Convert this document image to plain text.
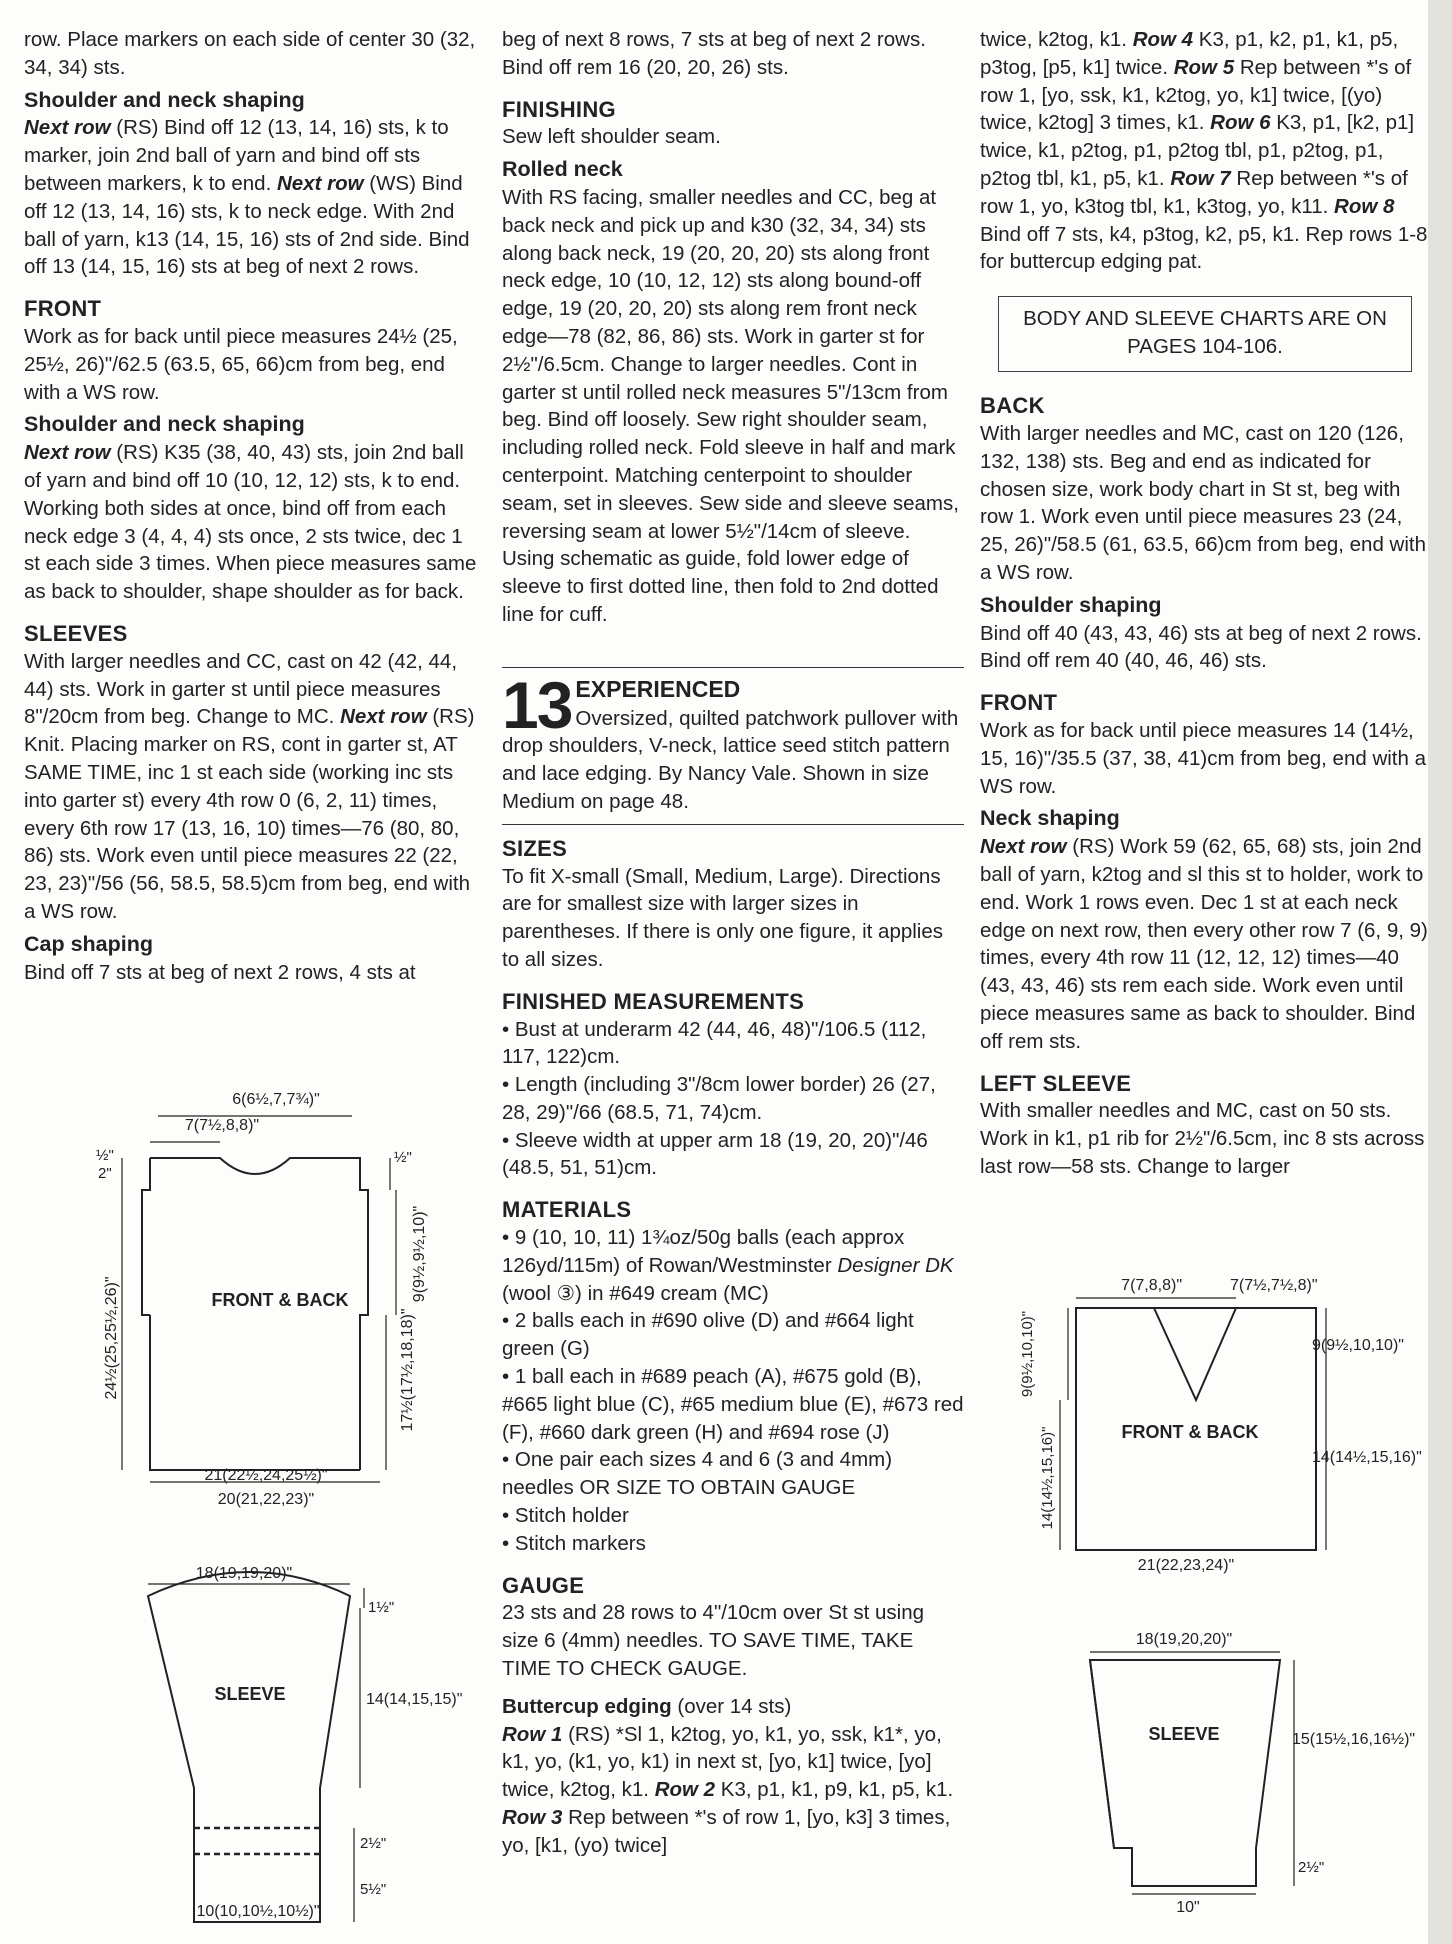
row. Place markers on each side of center 30 (32, 34, 34) sts.

Shoulder and neck shaping

Next row (RS) Bind off 12 (13, 14, 16) sts, k to marker, join 2nd ball of yarn and bind off sts between markers, k to end. Next row (WS) Bind off 12 (13, 14, 16) sts, k to neck edge. With 2nd ball of yarn, k13 (14, 15, 16) sts of 2nd side. Bind off 13 (14, 15, 16) sts at beg of next 2 rows.

FRONT

Work as for back until piece measures 24½ (25, 25½, 26)"/62.5 (63.5, 65, 66)cm from beg, end with a WS row.

Shoulder and neck shaping

Next row (RS) K35 (38, 40, 43) sts, join 2nd ball of yarn and bind off 10 (10, 12, 12) sts, k to end. Working both sides at once, bind off from each neck edge 3 (4, 4, 4) sts once, 2 sts twice, dec 1 st each side 3 times. When piece measures same as back to shoulder, shape shoulder as for back.

SLEEVES

With larger needles and CC, cast on 42 (42, 44, 44) sts. Work in garter st until piece measures 8"/20cm from beg. Change to MC. Next row (RS) Knit. Placing marker on RS, cont in garter st, AT SAME TIME, inc 1 st each side (working inc sts into garter st) every 4th row 0 (6, 2, 11) times, every 6th row 17 (13, 16, 10) times—76 (80, 80, 86) sts. Work even until piece measures 22 (22, 23, 23)"/56 (56, 58.5, 58.5)cm from beg, end with a WS row.

Cap shaping

Bind off 7 sts at beg of next 2 rows, 4 sts at

beg of next 8 rows, 7 sts at beg of next 2 rows. Bind off rem 16 (20, 20, 26) sts.

FINISHING

Sew left shoulder seam.

Rolled neck

With RS facing, smaller needles and CC, beg at back neck and pick up and k30 (32, 34, 34) sts along back neck, 19 (20, 20, 20) sts along front neck edge, 10 (10, 12, 12) sts along bound-off edge, 19 (20, 20, 20) sts along rem front neck edge—78 (82, 86, 86) sts. Work in garter st for 2½"/6.5cm. Change to larger needles. Cont in garter st until rolled neck measures 5"/13cm from beg. Bind off loosely. Sew right shoulder seam, including rolled neck. Fold sleeve in half and mark centerpoint. Matching centerpoint to shoulder seam, set in sleeves. Sew side and sleeve seams, reversing seam at lower 5½"/14cm of sleeve. Using schematic as guide, fold lower edge of sleeve to first dotted line, then fold to 2nd dotted line for cuff.

13 EXPERIENCED
Oversized, quilted patchwork pullover with drop shoulders, V-neck, lattice seed stitch pattern and lace edging. By Nancy Vale. Shown in size Medium on page 48.

SIZES

To fit X-small (Small, Medium, Large). Directions are for smallest size with larger sizes in parentheses. If there is only one figure, it applies to all sizes.

FINISHED MEASUREMENTS

• Bust at underarm 42 (44, 46, 48)"/106.5 (112, 117, 122)cm.

• Length (including 3"/8cm lower border) 26 (27, 28, 29)"/66 (68.5, 71, 74)cm.

• Sleeve width at upper arm 18 (19, 20, 20)"/46 (48.5, 51, 51)cm.

MATERIALS

• 9 (10, 10, 11) 1¾oz/50g balls (each approx 126yd/115m) of Rowan/Westminster Designer DK (wool ③) in #649 cream (MC)

• 2 balls each in #690 olive (D) and #664 light green (G)

• 1 ball each in #689 peach (A), #675 gold (B), #665 light blue (C), #65 medium blue (E), #673 red (F), #660 dark green (H) and #694 rose (J)

• One pair each sizes 4 and 6 (3 and 4mm) needles OR SIZE TO OBTAIN GAUGE

• Stitch holder

• Stitch markers

GAUGE

23 sts and 28 rows to 4"/10cm over St st using size 6 (4mm) needles. TO SAVE TIME, TAKE TIME TO CHECK GAUGE.

Buttercup edging (over 14 sts)

Row 1 (RS) *Sl 1, k2tog, yo, k1, yo, ssk, k1*, yo, k1, yo, (k1, yo, k1) in next st, [yo, k1] twice, [yo] twice, k2tog, k1. Row 2 K3, p1, k1, p9, k1, p5, k1. Row 3 Rep between *'s of row 1, [yo, k3] 3 times, yo, [k1, (yo) twice]

twice, k2tog, k1. Row 4 K3, p1, k2, p1, k1, p5, p3tog, [p5, k1] twice. Row 5 Rep between *'s of row 1, [yo, ssk, k1, k2tog, yo, k1] twice, [(yo) twice, k2tog] 3 times, k1. Row 6 K3, p1, [k2, p1] twice, k1, p2tog, p1, p2tog tbl, p1, p2tog, p1, p2tog tbl, k1, p5, k1. Row 7 Rep between *'s of row 1, yo, k3tog tbl, k1, k3tog, yo, k11. Row 8 Bind off 7 sts, k4, p3tog, k2, p5, k1. Rep rows 1-8 for buttercup edging pat.

BODY AND SLEEVE CHARTS ARE ON PAGES 104-106.

BACK

With larger needles and MC, cast on 120 (126, 132, 138) sts. Beg and end as indicated for chosen size, work body chart in St st, beg with row 1. Work even until piece measures 23 (24, 25, 26)"/58.5 (61, 63.5, 66)cm from beg, end with a WS row.

Shoulder shaping

Bind off 40 (43, 43, 46) sts at beg of next 2 rows. Bind off rem 40 (40, 46, 46) sts.

FRONT

Work as for back until piece measures 14 (14½, 15, 16)"/35.5 (37, 38, 41)cm from beg, end with a WS row.

Neck shaping

Next row (RS) Work 59 (62, 65, 68) sts, join 2nd ball of yarn, k2tog and sl this st to holder, work to end. Work 1 rows even. Dec 1 st at each neck edge on next row, then every other row 7 (6, 9, 9) times, every 4th row 11 (12, 12, 12) times—40 (43, 43, 46) sts rem each side. Work even until piece measures same as back to shoulder. Bind off rem sts.

LEFT SLEEVE

With smaller needles and MC, cast on 50 sts. Work in k1, p1 rib for 2½"/6.5cm, inc 8 sts across last row—58 sts. Change to larger

FRONT & BACK
6(6½,7,7¾)"
7(7½,8,8)"
½"
2"
½"
9(9½,9½,10)"
24½(25,25½,26)"	17½(17½,18,18)"
21(22½,24,25½)"
20(21,22,23)"
SLEEVE
18(19,19,20)"
1½"
14(14,15,15)"
2½"
5½"
10(10,10½,10½)"
FRONT & BACK
7(7,8,8)"	7(7½,7½,8)"
9(9½,10,10)"
14(14½,15,16)"
9(9½,10,10)"
14(14½,15,16)"
21(22,23,24)"
18(19,20,20)"
SLEEVE	15(15½,16,16½)"
2½"
10"
